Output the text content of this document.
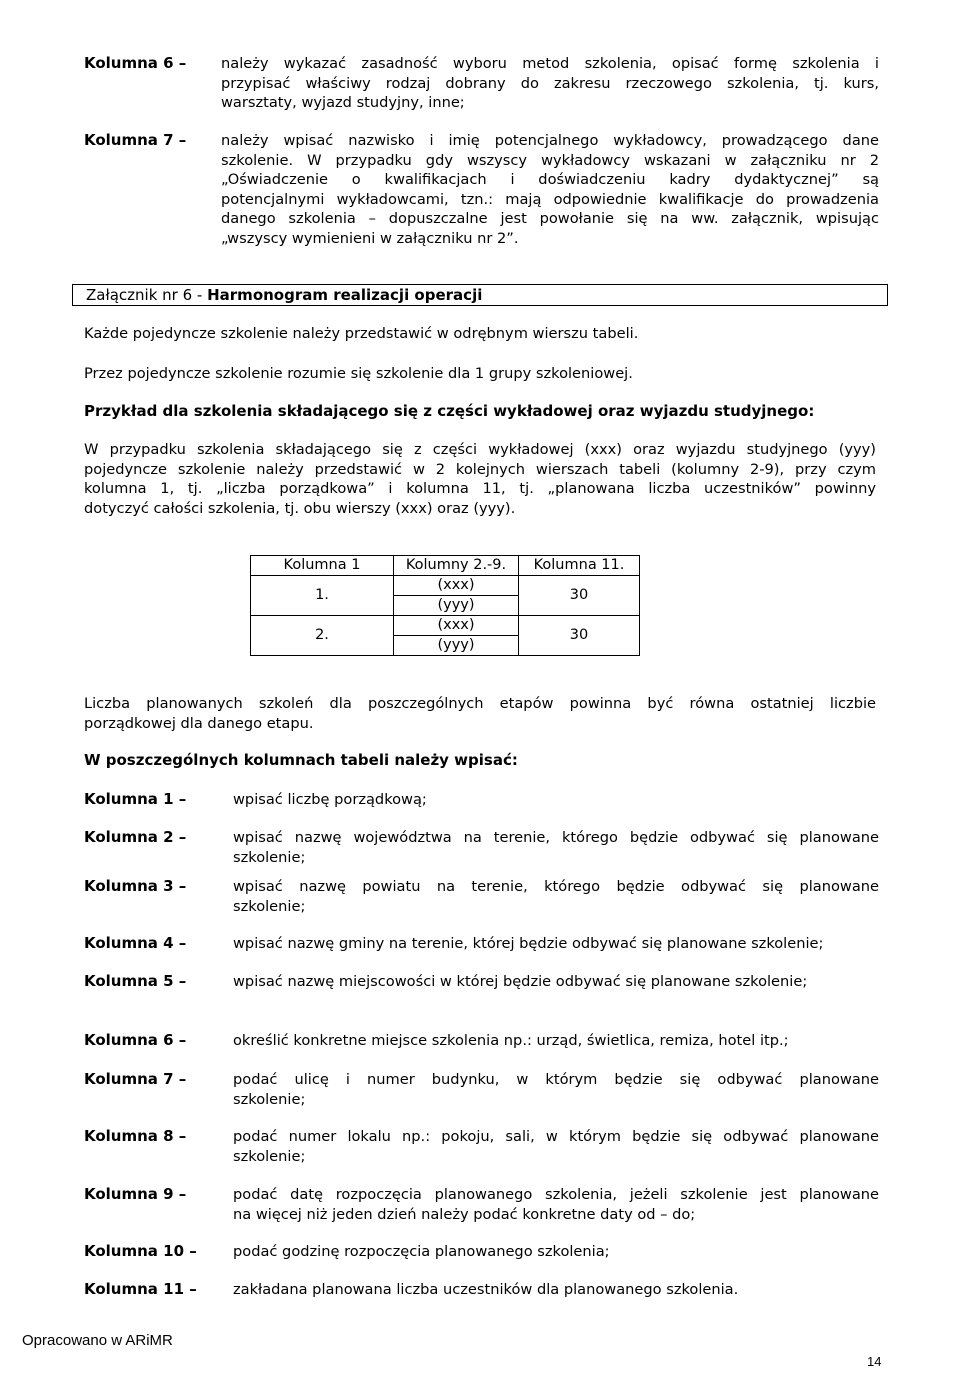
Kolumna 6 – należy wykazać zasadność wyboru metod szkolenia, opisać formę szkolenia i
przypisać właściwy rodzaj dobrany do zakresu rzeczowego szkolenia, tj. kurs,
warsztaty, wyjazd studyjny, inne;
Kolumna 7 – należy wpisać nazwisko i imię potencjalnego wykładowcy, prowadzącego dane
szkolenie. W przypadku gdy wszyscy wykładowcy wskazani w załączniku nr 2
„Oświadczenie o kwalifikacjach i doświadczeniu kadry dydaktycznej” są
potencjalnymi wykładowcami, tzn.: mają odpowiednie kwalifikacje do prowadzenia
danego szkolenia – dopuszczalne jest powołanie się na ww. załącznik, wpisując
„wszyscy wymienieni w załączniku nr 2”.
Załącznik nr 6 - Harmonogram realizacji operacji
Każde pojedyncze szkolenie należy przedstawić w odrębnym wierszu tabeli.
Przez pojedyncze szkolenie rozumie się szkolenie dla 1 grupy szkoleniowej.
Przykład dla szkolenia składającego się z części wykładowej oraz wyjazdu studyjnego:
W przypadku szkolenia składającego się z części wykładowej (xxx) oraz wyjazdu studyjnego (yyy)
pojedyncze szkolenie należy przedstawić w 2 kolejnych wierszach tabeli (kolumny 2-9), przy czym
kolumna 1, tj. „liczba porządkowa” i kolumna 11, tj. „planowana liczba uczestników” powinny
dotyczyć całości szkolenia, tj. obu wierszy (xxx) oraz (yyy).
Kolumna 1	Kolumny 2.-9.	Kolumna 11.
1.	(xxx)	30
	(yyy)	
2.	(xxx)	30
	(yyy)	
Liczba planowanych szkoleń dla poszczególnych etapów powinna być równa ostatniej liczbie
porządkowej dla danego etapu.
W poszczególnych kolumnach tabeli należy wpisać:
Kolumna 1 –	wpisać liczbę porządkową;
Kolumna 2 –	wpisać nazwę województwa na terenie, którego będzie odbywać się planowane
szkolenie;
Kolumna 3 –	wpisać nazwę powiatu na terenie, którego będzie odbywać się planowane
szkolenie;
Kolumna 4 –	wpisać nazwę gminy na terenie, której będzie odbywać się planowane szkolenie;
Kolumna 5 –	wpisać nazwę miejscowości w której będzie odbywać się planowane szkolenie;
Kolumna 6 –	określić konkretne miejsce szkolenia np.: urząd, świetlica, remiza, hotel itp.;
Kolumna 7 –	podać ulicę i numer budynku, w którym będzie się odbywać planowane
szkolenie;
Kolumna 8 –	podać numer lokalu np.: pokoju, sali, w którym będzie się odbywać planowane
szkolenie;
Kolumna 9 –	podać datę rozpoczęcia planowanego szkolenia, jeżeli szkolenie jest planowane
na więcej niż jeden dzień należy podać konkretne daty od – do;
Kolumna 10 – podać godzinę rozpoczęcia planowanego szkolenia;
Kolumna 11 – zakładana planowana liczba uczestników dla planowanego szkolenia.
Opracowano w ARiMR
14
